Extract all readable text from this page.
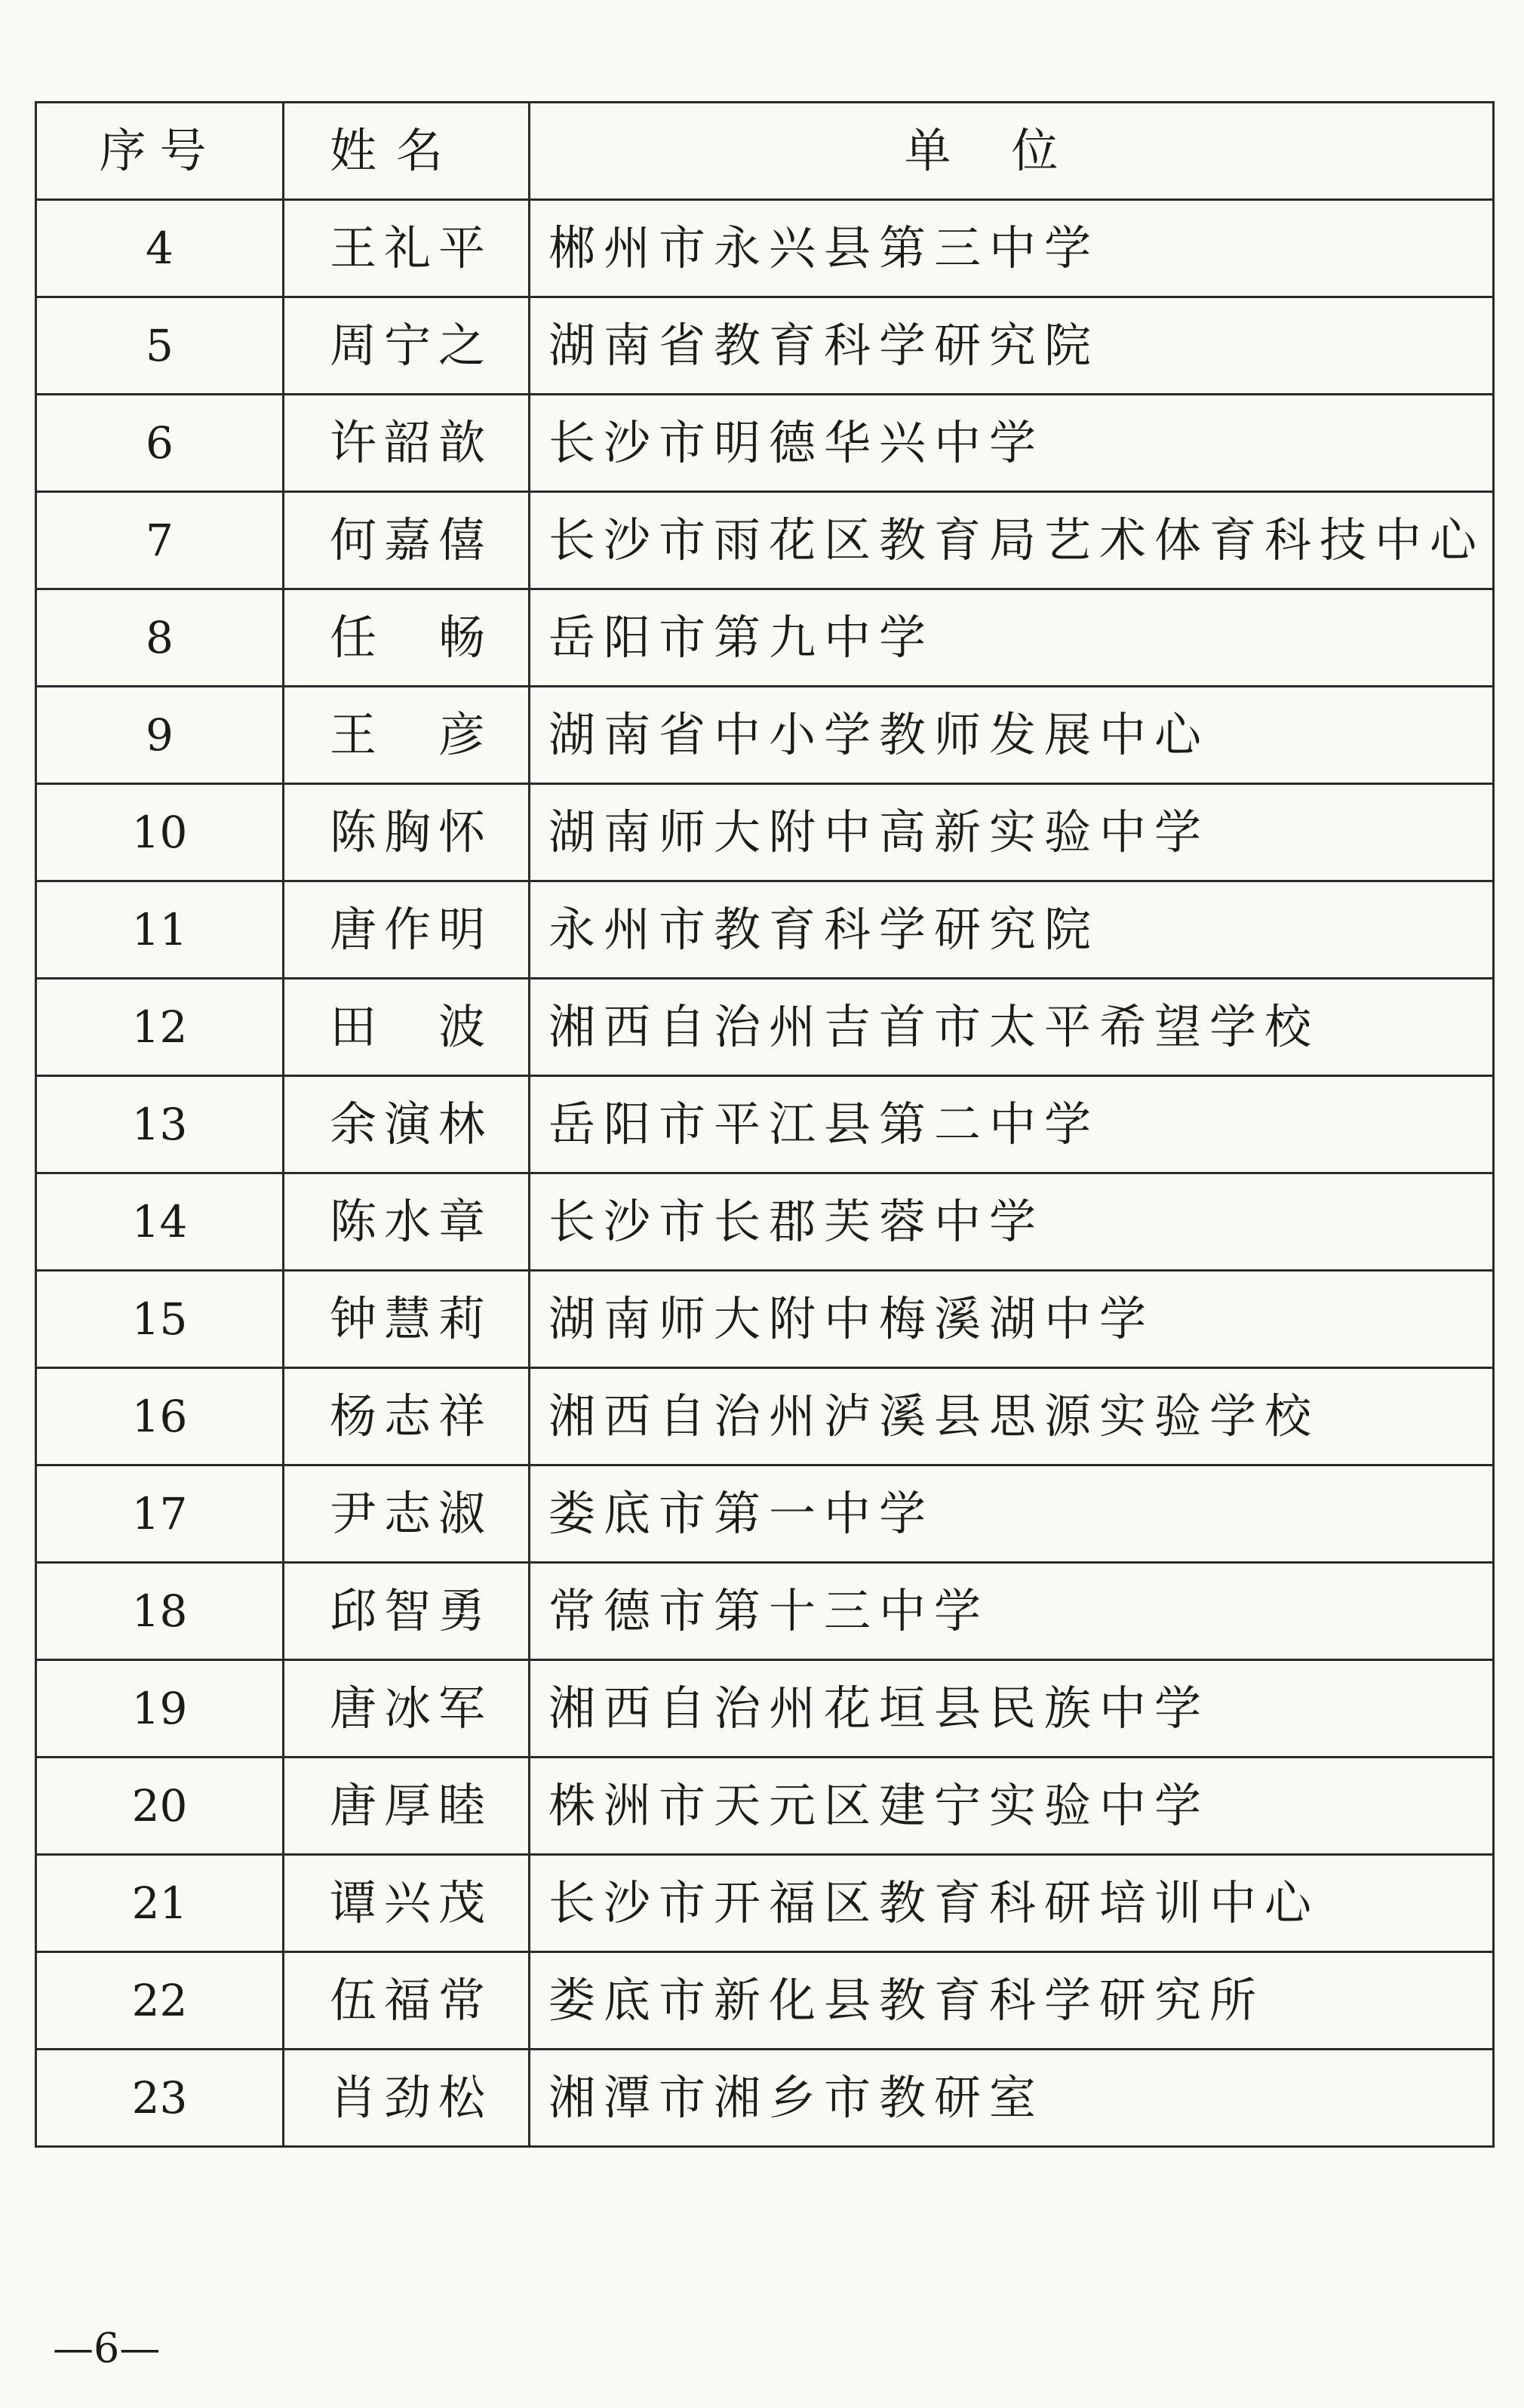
序号	姓名	单位
4	王礼平	郴州市永兴县第三中学
5	周宁之	湖南省教育科学研究院
6	许韶歆	长沙市明德华兴中学
7	何嘉僖	长沙市雨花区教育局艺术体育科技中心
8	任　畅	岳阳市第九中学
9	王　彦	湖南省中小学教师发展中心
10	陈胸怀	湖南师大附中高新实验中学
11	唐作明	永州市教育科学研究院
12	田　波	湘西自治州吉首市太平希望学校
13	余演林	岳阳市平江县第二中学
14	陈水章	长沙市长郡芙蓉中学
15	钟慧莉	湖南师大附中梅溪湖中学
16	杨志祥	湘西自治州泸溪县思源实验学校
17	尹志淑	娄底市第一中学
18	邱智勇	常德市第十三中学
19	唐冰军	湘西自治州花垣县民族中学
20	唐厚睦	株洲市天元区建宁实验中学
21	谭兴茂	长沙市开福区教育科研培训中心
22	伍福常	娄底市新化县教育科学研究所
23	肖劲松	湘潭市湘乡市教研室
—6—
